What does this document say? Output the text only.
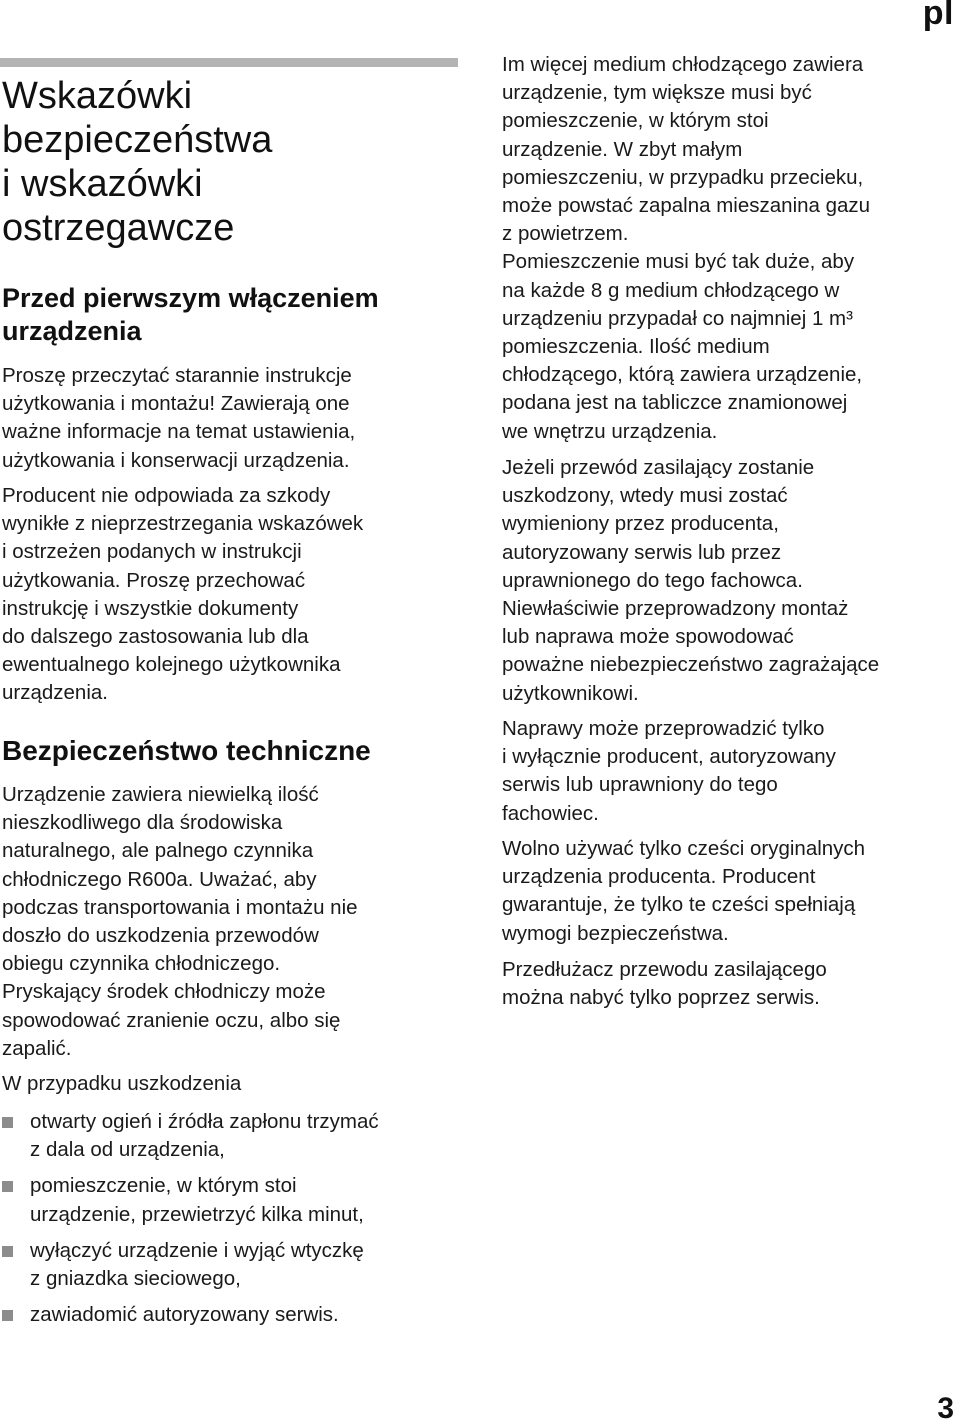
pl
Wskazówki
bezpieczeństwa
i wskazówki
ostrzegawcze
Przed pierwszym włączeniem
urządzenia

Proszę przeczytać starannie instrukcje
użytkowania i montażu! Zawierają one
ważne informacje na temat ustawienia,
użytkowania i konserwacji urządzenia.

Producent nie odpowiada za szkody
wynikłe z nieprzestrzegania wskazówek
i ostrzeżen podanych w instrukcji
użytkowania. Proszę przechować
instrukcję i wszystkie dokumenty
do dalszego zastosowania lub dla
ewentualnego kolejnego użytkownika
urządzenia.

Bezpieczeństwo techniczne

Urządzenie zawiera niewielką ilość
nieszkodliwego dla środowiska
naturalnego, ale palnego czynnika
chłodniczego R600a. Uważać, aby
podczas transportowania i montażu nie
doszło do uszkodzenia przewodów
obiegu czynnika chłodniczego.
Pryskający środek chłodniczy może
spowodować zranienie oczu, albo się
zapalić.

W przypadku uszkodzenia

otwarty ogień i źródła zapłonu trzymać
z dala od urządzenia,

pomieszczenie, w którym stoi
urządzenie, przewietrzyć kilka minut,

wyłączyć urządzenie i wyjąć wtyczkę
z gniazdka sieciowego,

zawiadomić autoryzowany serwis.

Im więcej medium chłodzącego zawiera
urządzenie, tym większe musi być
pomieszczenie, w którym stoi
urządzenie. W zbyt małym
pomieszczeniu, w przypadku przecieku,
może powstać zapalna mieszanina gazu
z powietrzem.
Pomieszczenie musi być tak duże, aby
na każde 8 g medium chłodzącego w
urządzeniu przypadał co najmniej 1 m³
pomieszczenia. Ilość medium
chłodzącego, którą zawiera urządzenie,
podana jest na tabliczce znamionowej
we wnętrzu urządzenia.

Jeżeli przewód zasilający zostanie
uszkodzony, wtedy musi zostać
wymieniony przez producenta,
autoryzowany serwis lub przez
uprawnionego do tego fachowca.
Niewłaściwie przeprowadzony montaż
lub naprawa może spowodować
poważne niebezpieczeństwo zagrażające
użytkownikowi.

Naprawy może przeprowadzić tylko
i wyłącznie producent, autoryzowany
serwis lub uprawniony do tego
fachowiec.

Wolno używać tylko cześci oryginalnych
urządzenia producenta. Producent
gwarantuje, że tylko te cześci spełniają
wymogi bezpieczeństwa.

Przedłużacz przewodu zasilającego
można nabyć tylko poprzez serwis.

3
